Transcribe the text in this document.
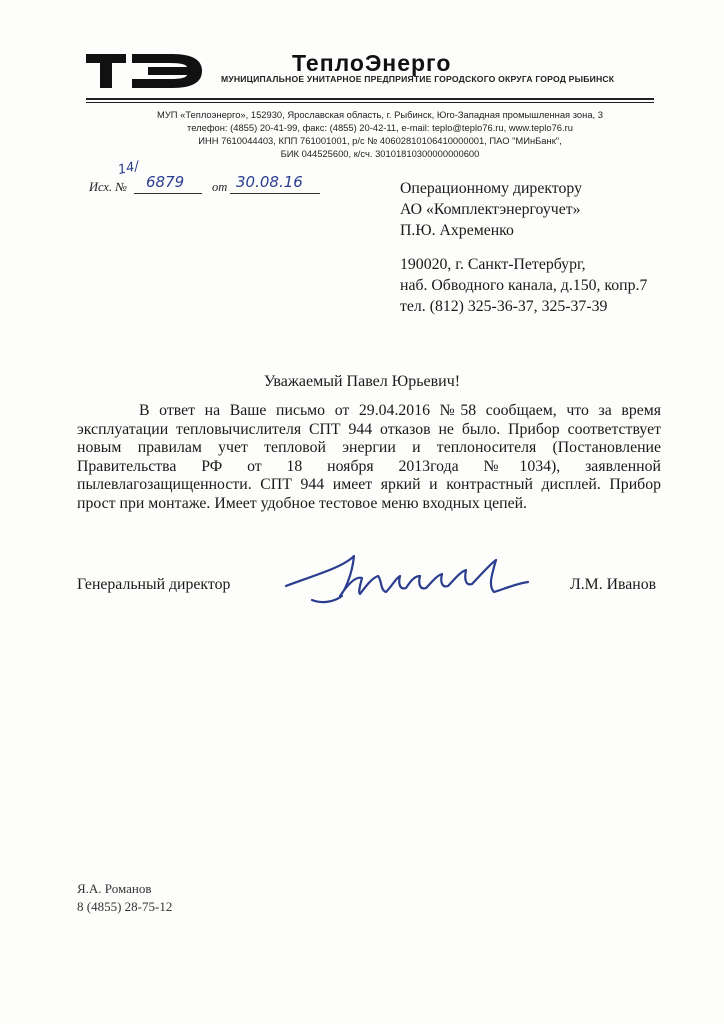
ТеплоЭнерго
МУНИЦИПАЛЬНОЕ УНИТАРНОЕ ПРЕДПРИЯТИЕ ГОРОДСКОГО ОКРУГА ГОРОД РЫБИНСК
МУП «Теплоэнерго», 152930, Ярославская область, г. Рыбинск, Юго-Западная промышленная зона, 3
телефон: (4855) 20-41-99, факс: (4855) 20-42-11, e-mail: teplo@teplo76.ru, www.teplo76.ru
ИНН 7610044403, КПП 761001001, р/с № 40602810106410000001, ПАО "МИнБанк",
БИК 044525600, к/сч. 30101810300000000600
Исх. №
14/
6879 от 30.08.16	Операционному директору
АО «Комплектэнергоучет»
П.Ю. Ахременко
190020, г. Санкт-Петербург,
наб. Обводного канала, д.150, копр.7
тел. (812) 325-36-37, 325-37-39
Уважаемый Павел Юрьевич!

В ответ на Ваше письмо от 29.04.2016 №58 сообщаем, что за время эксплуатации тепловычислителя СПТ 944 отказов не было. Прибор соответствует новым правилам учет тепловой энергии и теплоносителя (Постановление Правительства РФ от 18 ноября 2013года №1034), заявленной пылевлагозащищенности. СПТ 944 имеет яркий и контрастный дисплей. Прибор прост при монтаже. Имеет удобное тестовое меню входных цепей.

Генеральный директор	Л.М. Иванов
Я.А. Романов
8 (4855) 28-75-12
